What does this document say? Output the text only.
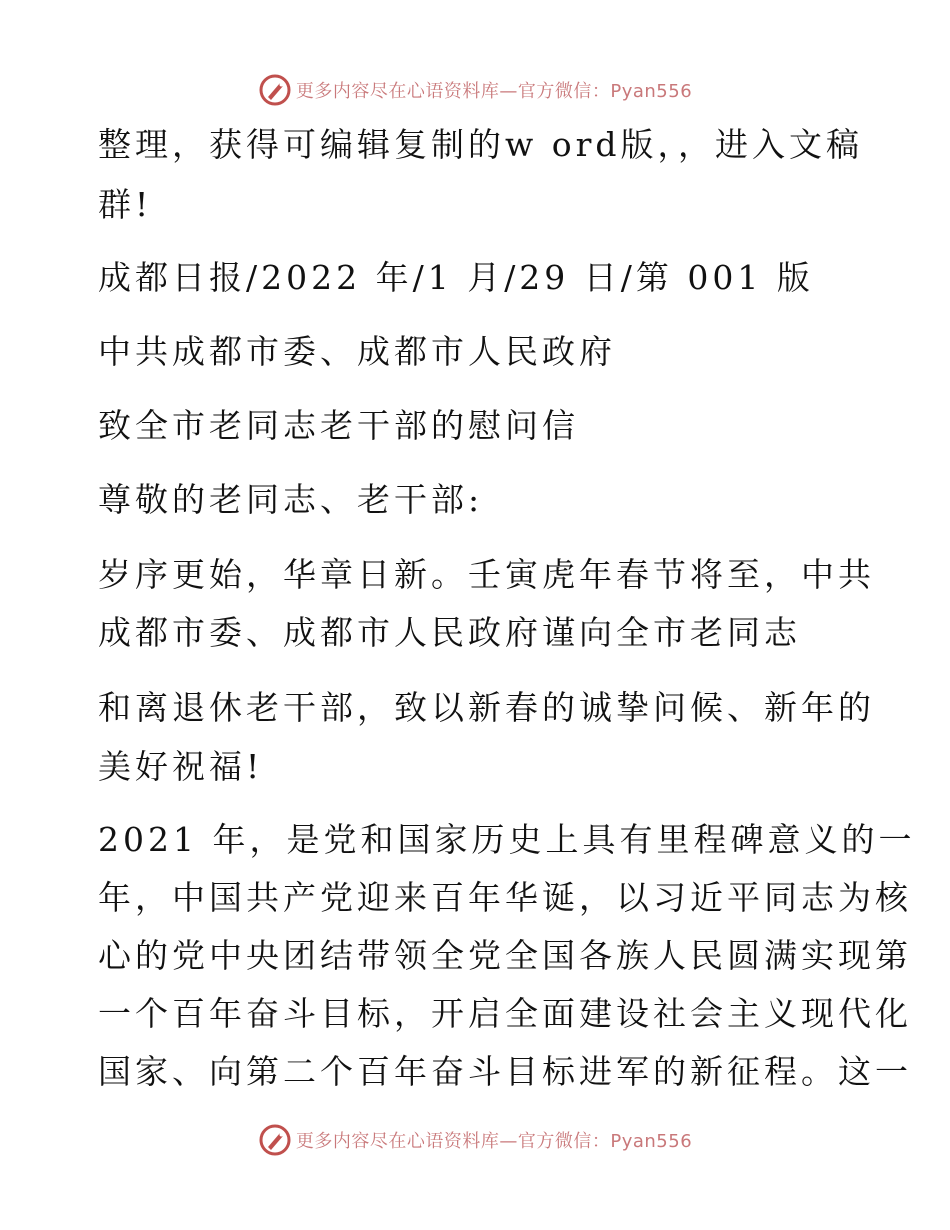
更多内容尽在心语资料库—官方微信：Pyan556
整理，获得可编辑复制的w ord版，，进入文稿
群!
成都日报/2022 年/1 月/29 日/第 001 版
中共成都市委、成都市人民政府
致全市老同志老干部的慰问信
尊敬的老同志、老干部:
岁序更始，华章日新。壬寅虎年春节将至，中共
成都市委、成都市人民政府谨向全市老同志
和离退休老干部，致以新春的诚挚问候、新年的
美好祝福!
2021 年，是党和国家历史上具有里程碑意义的一
年，中国共产党迎来百年华诞，以习近平同志为核
心的党中央团结带领全党全国各族人民圆满实现第
一个百年奋斗目标，开启全面建设社会主义现代化
国家、向第二个百年奋斗目标进军的新征程。这一
更多内容尽在心语资料库—官方微信：Pyan556
